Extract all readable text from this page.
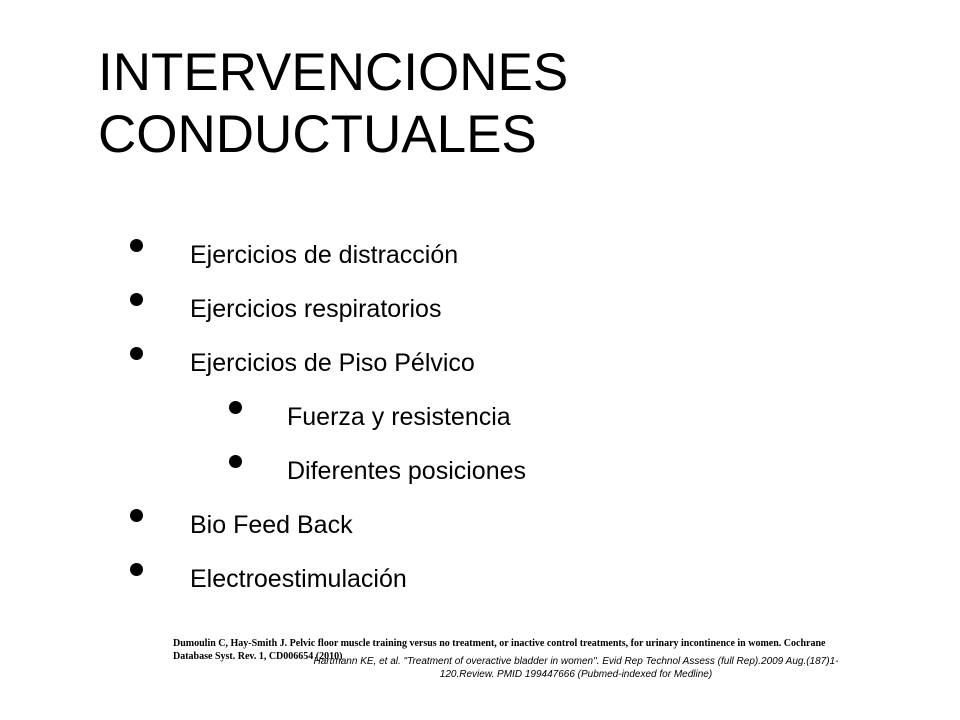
INTERVENCIONES
CONDUCTUALES
Ejercicios de distracción
Ejercicios respiratorios
Ejercicios de Piso Pélvico
Fuerza y resistencia
Diferentes posiciones
Bio Feed Back
Electroestimulación
Dumoulin C, Hay-Smith J. Pelvic floor muscle training versus no treatment, or inactive control treatments, for urinary incontinence in women. Cochrane Database Syst. Rev. 1, CD006654 (2010)
Hartmann KE, et al. "Treatment of overactive bladder in women". Evid Rep Technol Assess (full Rep).2009 Aug.(187)1-120.Review. PMID 199447666 (Pubmed-indexed for Medline)
